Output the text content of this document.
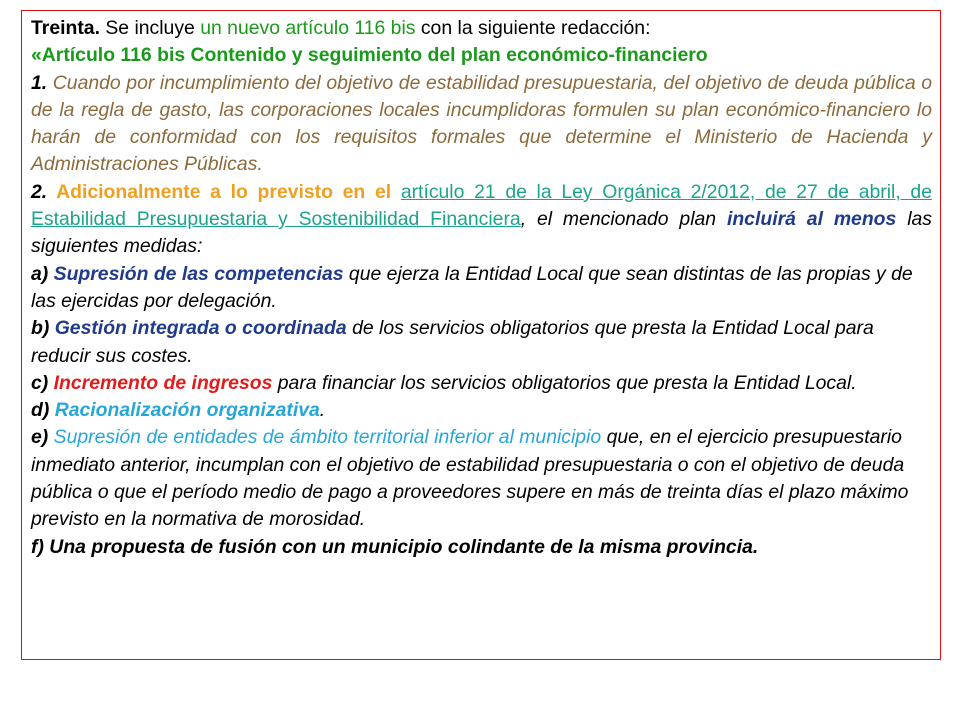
Treinta. Se incluye un nuevo artículo 116 bis con la siguiente redacción:

«Artículo 116 bis Contenido y seguimiento del plan económico-financiero

1. Cuando por incumplimiento del objetivo de estabilidad presupuestaria, del objetivo de deuda pública o de la regla de gasto, las corporaciones locales incumplidoras formulen su plan económico-financiero lo harán de conformidad con los requisitos formales que determine el Ministerio de Hacienda y Administraciones Públicas.

2. Adicionalmente a lo previsto en el artículo 21 de la Ley Orgánica 2/2012, de 27 de abril, de Estabilidad Presupuestaria y Sostenibilidad Financiera, el mencionado plan incluirá al menos las siguientes medidas:

a) Supresión de las competencias que ejerza la Entidad Local que sean distintas de las propias y de las ejercidas por delegación.

b) Gestión integrada o coordinada de los servicios obligatorios que presta la Entidad Local para reducir sus costes.

c) Incremento de ingresos para financiar los servicios obligatorios que presta la Entidad Local.

d) Racionalización organizativa.

e) Supresión de entidades de ámbito territorial inferior al municipio que, en el ejercicio presupuestario inmediato anterior, incumplan con el objetivo de estabilidad presupuestaria o con el objetivo de deuda pública o que el período medio de pago a proveedores supere en más de treinta días el plazo máximo previsto en la normativa de morosidad.

f) Una propuesta de fusión con un municipio colindante de la misma provincia.
